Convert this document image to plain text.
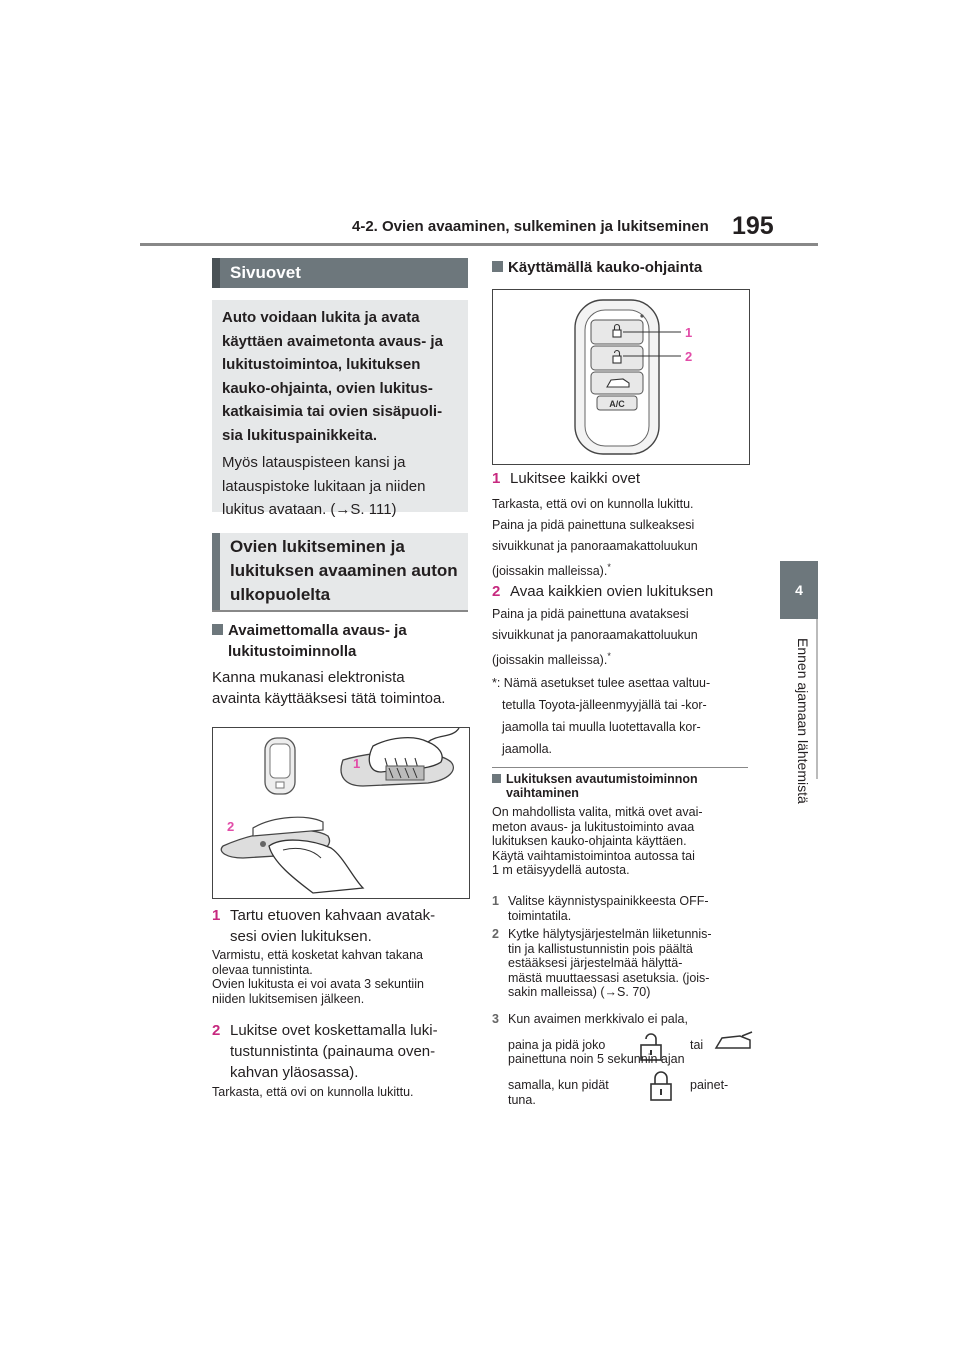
4-2. Ovien avaaminen, sulkeminen ja lukitseminen 195
4
Ennen ajamaan lähtemistä
Sivuovet

Auto voidaan lukita ja avata

käyttäen avaimetonta avaus- ja

lukitustoimintoa, lukituksen

kauko-ohjainta, ovien lukitus-

katkaisimia tai ovien sisäpuoli-

sia lukituspainikkeita.

Myös latauspisteen kansi ja

latauspistoke lukitaan ja niiden

lukitus avataan. (→S. 111)

Ovien lukitseminen ja
lukituksen avaaminen auton
ulkopuolelta
Avaimettomalla avaus- ja
lukitustoiminnolla
Kanna mukanasi elektronista
avainta käyttääksesi tätä toimintoa.
1
2
1 Tartu etuoven kahvaan avatak-
sesi ovien lukituksen.
Varmistu, että kosketat kahvan takana
olevaa tunnistinta.
Ovien lukitusta ei voi avata 3 sekuntiin
niiden lukitsemisen jälkeen.
2 Lukitse ovet koskettamalla luki-
tustunnistinta (painauma oven-
kahvan yläosassa).
Tarkasta, että ovi on kunnolla lukittu.
Käyttämällä kauko-ohjainta
A/C
1
2
1 Lukitsee kaikki ovet
Tarkasta, että ovi on kunnolla lukittu.
Paina ja pidä painettuna sulkeaksesi
sivuikkunat ja panoraamakattoluukun
(joissakin malleissa).*
2 Avaa kaikkien ovien lukituksen
Paina ja pidä painettuna avataksesi
sivuikkunat ja panoraamakattoluukun
(joissakin malleissa).*
*: Nämä asetukset tulee asettaa valtuu-
tetulla Toyota-jälleenmyyjällä tai -kor-
jaamolla tai muulla luotettavalla kor-
jaamolla.
Lukituksen avautumistoiminnon
vaihtaminen
On mahdollista valita, mitkä ovet avai-
meton avaus- ja lukitustoiminto avaa
lukituksen kauko-ohjainta käyttäen.
Käytä vaihtamistoimintoa autossa tai
1 m etäisyydellä autosta.
1 Valitse käynnistyspainikkeesta OFF-
toimintatila.
2 Kytke hälytysjärjestelmän liiketunnis-
tin ja kallistustunnistin pois päältä
estääksesi järjestelmää hälyttä-
mästä muuttaessasi asetuksia. (jois-
sakin malleissa) (→S. 70)
3 Kun avaimen merkkivalo ei pala,
paina ja pidä joko	tai
painettuna noin 5 sekunnin ajan
samalla, kun pidät	painet-
tuna.
